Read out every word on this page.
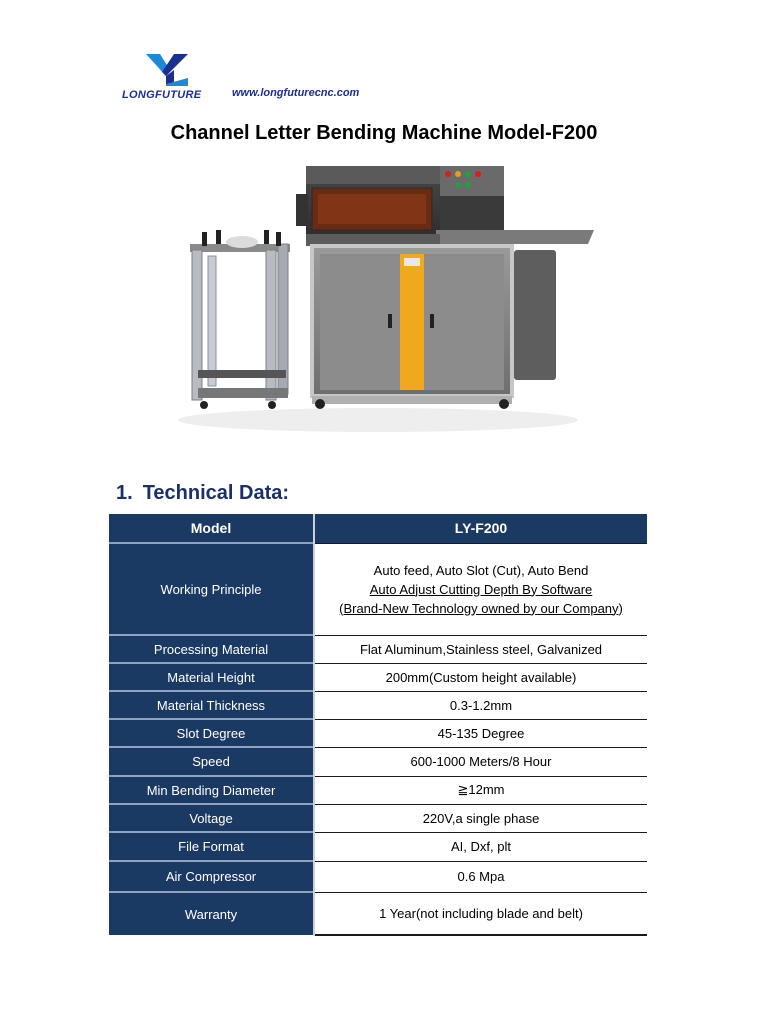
LONGFUTURE	www.longfuturecnc.com
Channel Letter Bending Machine Model-F200
1. Technical Data:
Model	LY-F200
Working Principle	Auto feed, Auto Slot (Cut), Auto Bend
Auto Adjust Cutting Depth By Software
(Brand-New Technology owned by our Company)

Processing Material	Flat Aluminum,Stainless steel, Galvanized
Material Height	200mm(Custom height available)
Material Thickness	0.3-1.2mm
Slot Degree	45-135 Degree
Speed	600-1000 Meters/8 Hour
Min Bending Diameter	≧12mm
Voltage	220V,a single phase
File Format	AI, Dxf, plt
Air Compressor	0.6 Mpa
Warranty	1 Year(not including blade and belt)
